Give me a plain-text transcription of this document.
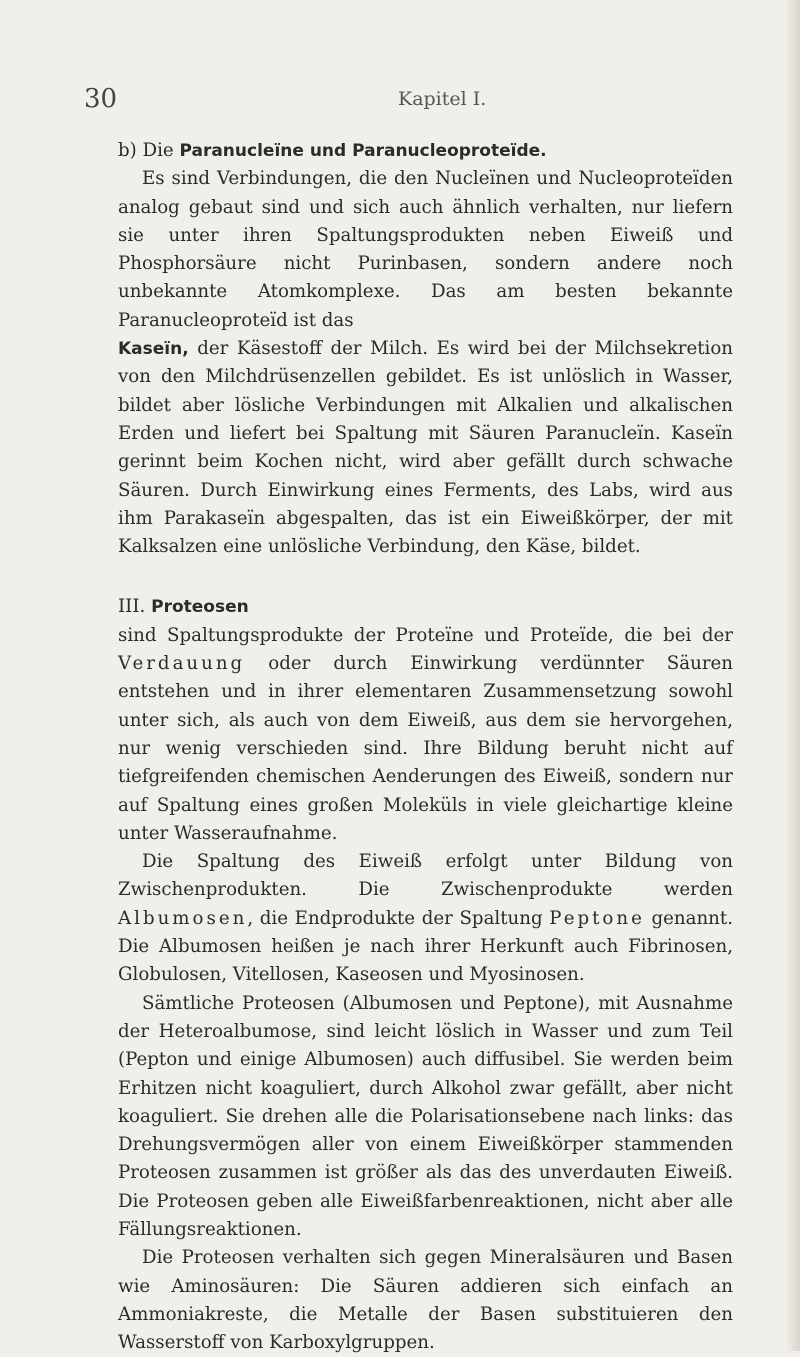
30	Kapitel I.

b) Die Paranucleïne und Paranucleoproteïde.

Es sind Verbindungen, die den Nucleïnen und Nucleoproteïden analog gebaut sind und sich auch ähnlich verhalten, nur liefern sie unter ihren Spaltungsprodukten neben Eiweiß und Phosphorsäure nicht Purinbasen, sondern andere noch unbekannte Atomkomplexe. Das am besten bekannte Paranucleoproteïd ist das
Kaseïn, der Käsestoff der Milch. Es wird bei der Milchsekretion von den Milchdrüsenzellen gebildet. Es ist unlöslich in Wasser, bildet aber lösliche Verbindungen mit Alkalien und alkalischen Erden und liefert bei Spaltung mit Säuren Paranucleïn. Kaseïn gerinnt beim Kochen nicht, wird aber gefällt durch schwache Säuren. Durch Einwirkung eines Ferments, des Labs, wird aus ihm Parakaseïn abgespalten, das ist ein Eiweißkörper, der mit Kalksalzen eine unlösliche Verbindung, den Käse, bildet.

III. Proteosen

sind Spaltungsprodukte der Proteïne und Proteïde, die bei der Verdauung oder durch Einwirkung verdünnter Säuren entstehen und in ihrer elementaren Zusammensetzung sowohl unter sich, als auch von dem Eiweiß, aus dem sie hervorgehen, nur wenig verschieden sind. Ihre Bildung beruht nicht auf tiefgreifenden chemischen Aenderungen des Eiweiß, sondern nur auf Spaltung eines großen Moleküls in viele gleichartige kleine unter Wasseraufnahme.

Die Spaltung des Eiweiß erfolgt unter Bildung von Zwischenprodukten. Die Zwischenprodukte werden Albumosen, die Endprodukte der Spaltung Peptone genannt. Die Albumosen heißen je nach ihrer Herkunft auch Fibrinosen, Globulosen, Vitellosen, Kaseosen und Myosinosen.

Sämtliche Proteosen (Albumosen und Peptone), mit Ausnahme der Heteroalbumose, sind leicht löslich in Wasser und zum Teil (Pepton und einige Albumosen) auch diffusibel. Sie werden beim Erhitzen nicht koaguliert, durch Alkohol zwar gefällt, aber nicht koaguliert. Sie drehen alle die Polarisationsebene nach links: das Drehungsvermögen aller von einem Eiweißkörper stammenden Proteosen zusammen ist größer als das des unverdauten Eiweiß. Die Proteosen geben alle Eiweißfarbenreaktionen, nicht aber alle Fällungsreaktionen.

Die Proteosen verhalten sich gegen Mineralsäuren und Basen wie Aminosäuren: Die Säuren addieren sich einfach an Ammoniakreste, die Metalle der Basen substituieren den Wasserstoff von Karboxylgruppen.
